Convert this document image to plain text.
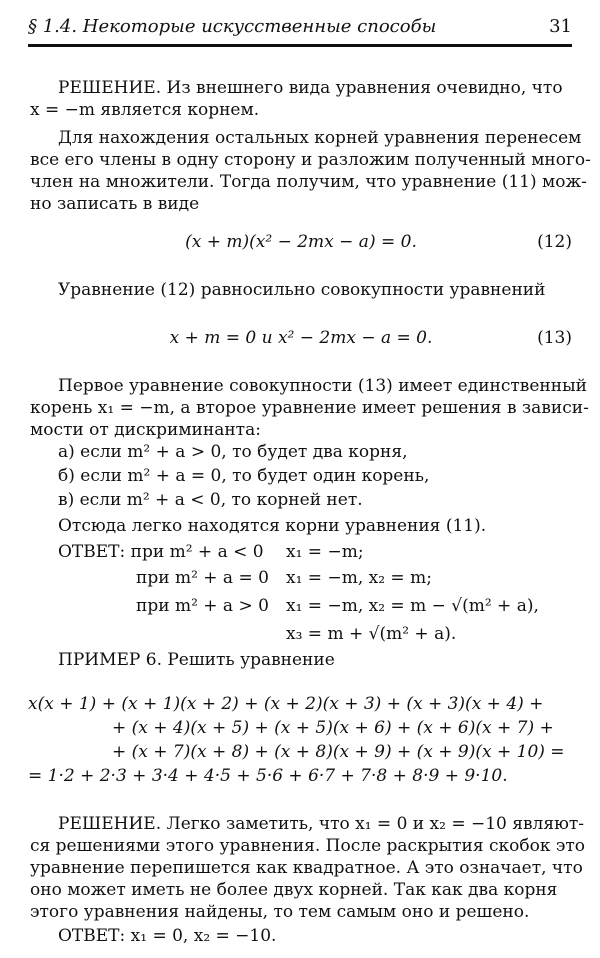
§ 1.4. Некоторые искусственные способы	31
РЕШЕНИЕ. Из внешнего вида уравнения очевидно, что
x = −m является корнем.
Для нахождения остальных корней уравнения перенесем
все его члены в одну сторону и разложим полученный много-
член на множители. Тогда получим, что уравнение (11) мож-
но записать в виде
(x + m)(x² − 2mx − a) = 0.	(12)
Уравнение (12) равносильно совокупности уравнений
x + m = 0 и x² − 2mx − a = 0.	(13)
Первое уравнение совокупности (13) имеет единственный
корень x₁ = −m, а второе уравнение имеет решения в зависи-
мости от дискриминанта:
а) если m² + a > 0, то будет два корня,
б) если m² + a = 0, то будет один корень,
в) если m² + a < 0, то корней нет.
Отсюда легко находятся корни уравнения (11).
ОТВЕТ: при m² + a < 0	x₁ = −m;
при m² + a = 0	x₁ = −m, x₂ = m;
при m² + a > 0	x₁ = −m, x₂ = m − √(m² + a),
x₃ = m + √(m² + a).
ПРИМЕР 6. Решить уравнение
x(x + 1) + (x + 1)(x + 2) + (x + 2)(x + 3) + (x + 3)(x + 4) +
+ (x + 4)(x + 5) + (x + 5)(x + 6) + (x + 6)(x + 7) +
+ (x + 7)(x + 8) + (x + 8)(x + 9) + (x + 9)(x + 10) =
= 1·2 + 2·3 + 3·4 + 4·5 + 5·6 + 6·7 + 7·8 + 8·9 + 9·10.
РЕШЕНИЕ. Легко заметить, что x₁ = 0 и x₂ = −10 являют-
ся решениями этого уравнения. После раскрытия скобок это
уравнение перепишется как квадратное. А это означает, что
оно может иметь не более двух корней. Так как два корня
этого уравнения найдены, то тем самым оно и решено.
ОТВЕТ: x₁ = 0, x₂ = −10.
